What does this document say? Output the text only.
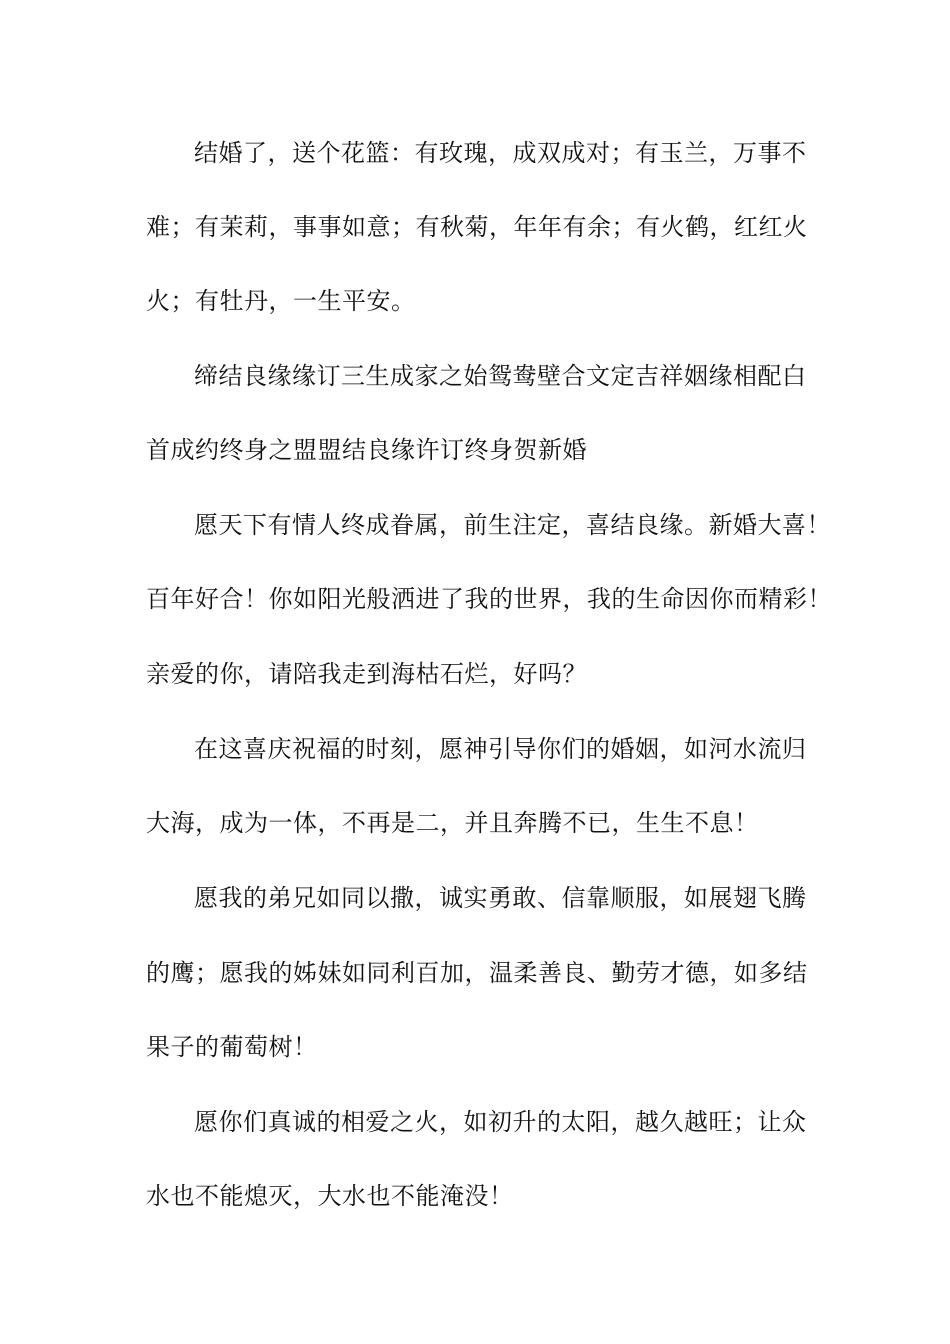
结婚了，送个花篮：有玫瑰，成双成对；有玉兰，万事不
难；有茉莉，事事如意；有秋菊，年年有余；有火鹤，红红火
火；有牡丹，一生平安。
缔结良缘缘订三生成家之始鸳鸯壁合文定吉祥姻缘相配白
首成约终身之盟盟结良缘许订终身贺新婚
愿天下有情人终成眷属，前生注定，喜结良缘。新婚大喜！
百年好合！你如阳光般洒进了我的世界，我的生命因你而精彩！
亲爱的你，请陪我走到海枯石烂，好吗？
在这喜庆祝福的时刻，愿神引导你们的婚姻，如河水流归
大海，成为一体，不再是二，并且奔腾不已，生生不息！
愿我的弟兄如同以撒，诚实勇敢、信靠顺服，如展翅飞腾
的鹰；愿我的姊妹如同利百加，温柔善良、勤劳才德，如多结
果子的葡萄树！
愿你们真诚的相爱之火，如初升的太阳，越久越旺；让众
水也不能熄灭，大水也不能淹没！
